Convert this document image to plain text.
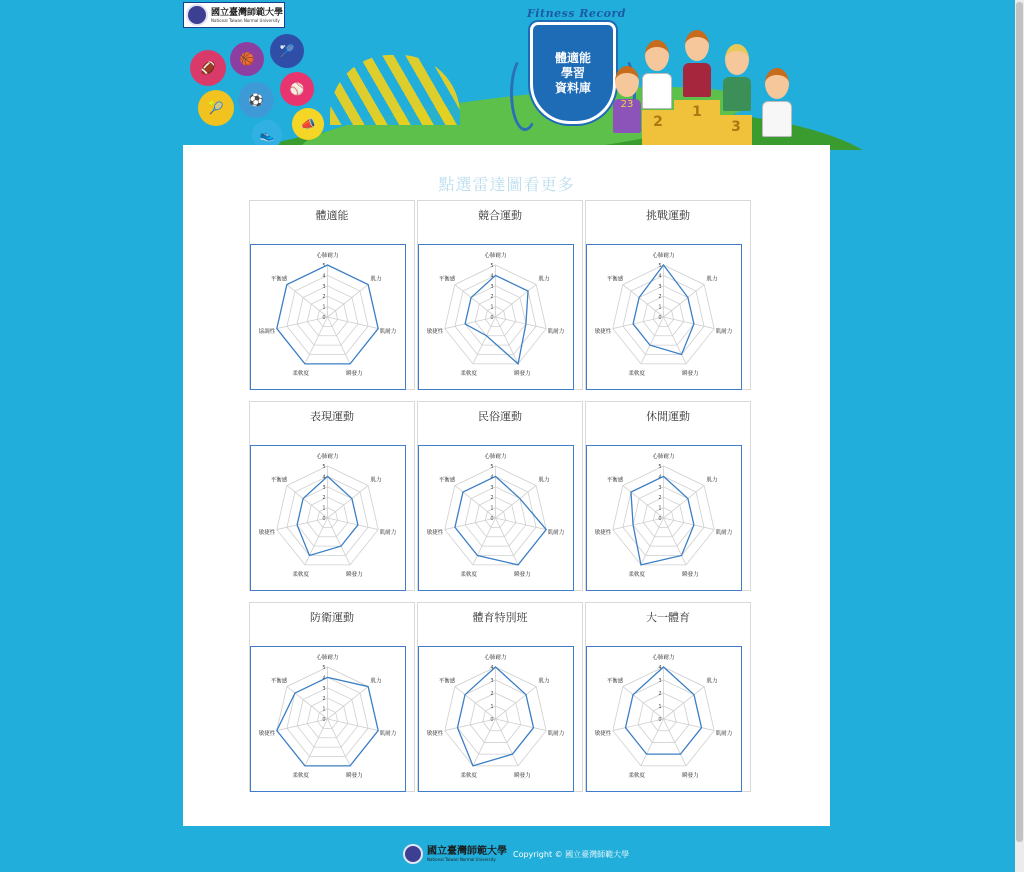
國立臺灣師範大學
National Taiwan Normal University
🏈
🏀
🏸
🎾
⚽
⚾
📣
👟
Fitness Record
體適能
學習
資料庫
23
2
1
3
點選雷達圖看更多
體適能
0
1
2
3
4
5
心肺耐力
肌力
肌耐力
瞬發力
柔軟度
協調性
平衡感
競合運動
0
1
2
3
4
5
心肺耐力
肌力
肌耐力
瞬發力
柔軟度
敏捷性
平衡感
挑戰運動
0
1
2
3
4
5
心肺耐力
肌力
肌耐力
瞬發力
柔軟度
敏捷性
平衡感
表現運動
0
1
2
3
4
5
心肺耐力
肌力
肌耐力
瞬發力
柔軟度
敏捷性
平衡感
民俗運動
0
1
2
3
4
5
心肺耐力
肌力
肌耐力
瞬發力
柔軟度
敏捷性
平衡感
休閒運動
0
1
2
3
4
5
心肺耐力
肌力
肌耐力
瞬發力
柔軟度
敏捷性
平衡感
防衛運動
0
1
2
3
4
5
心肺耐力
肌力
肌耐力
瞬發力
柔軟度
敏捷性
平衡感
體育特別班
0
1
2
3
4
心肺耐力
肌力
肌耐力
瞬發力
柔軟度
敏捷性
平衡感
大一體育
0
1
2
3
4
心肺耐力
肌力
肌耐力
瞬發力
柔軟度
敏捷性
平衡感
國立臺灣師範大學
National Taiwan Normal University
Copyright © 國立臺灣師範大學
